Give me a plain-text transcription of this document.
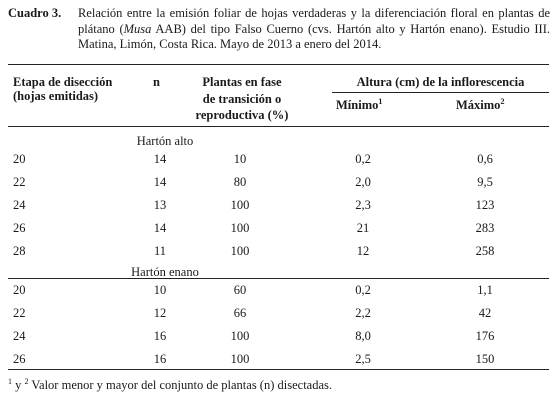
Cuadro 3. Relación entre la emisión foliar de hojas verdaderas y la diferenciación floral en plantas de plátano (Musa AAB) del tipo Falso Cuerno (cvs. Hartón alto y Hartón enano). Estudio III. Matina, Limón, Costa Rica. Mayo de 2013 a enero del 2014.
Etapa de disección
(hojas emitidas)
n	Plantas en fase
de transición o
reproductiva (%)
Altura (cm) de la inflorescencia
Mínimo$^1$	Máximo$^2$
Hartón alto
20	14	10	0,2	0,6
22	14	80	2,0	9,5
24	13	100	2,3	123
26	14	100	21	283
28	11	100	12	258
Hartón enano
20	10	60	0,2	1,1
22	12	66	2,2	42
24	16	100	8,0	176
26	16	100	2,5	150
$^1$ y $^2$ Valor menor y mayor del conjunto de plantas (n) disectadas.
